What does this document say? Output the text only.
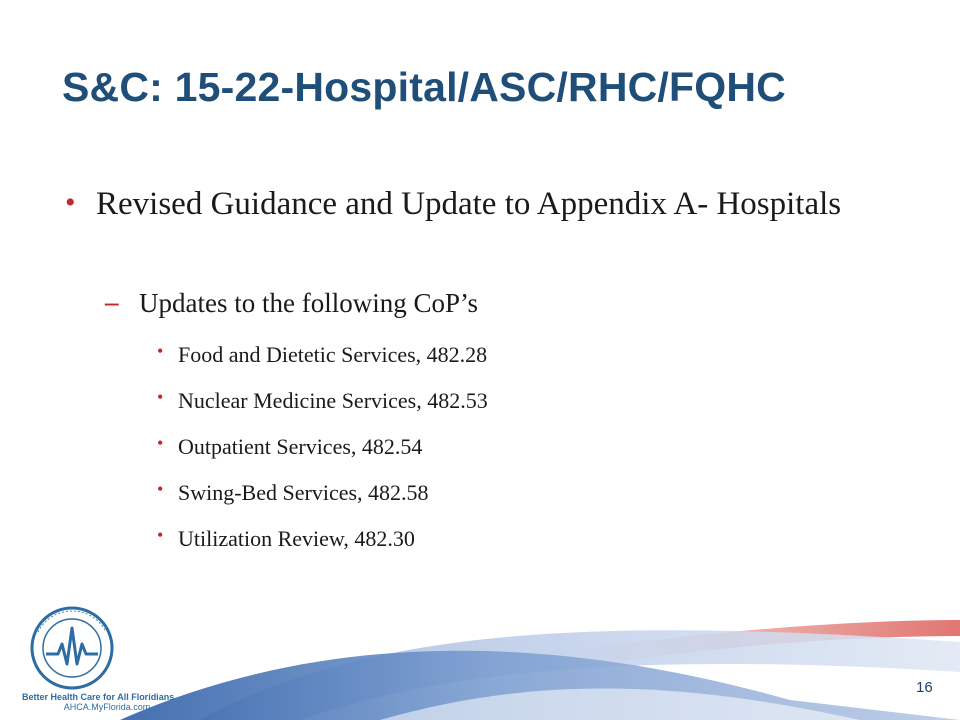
S&C: 15-22-Hospital/ASC/RHC/FQHC
• Revised Guidance and Update to Appendix A- Hospitals
– Updates to the following CoP’s
• Food and Dietetic Services, 482.28
• Nuclear Medicine Services, 482.53
• Outpatient Services, 482.54
• Swing-Bed Services, 482.58
• Utilization Review, 482.30
Better Health Care for All Floridians
AHCA.MyFlorida.com
16
